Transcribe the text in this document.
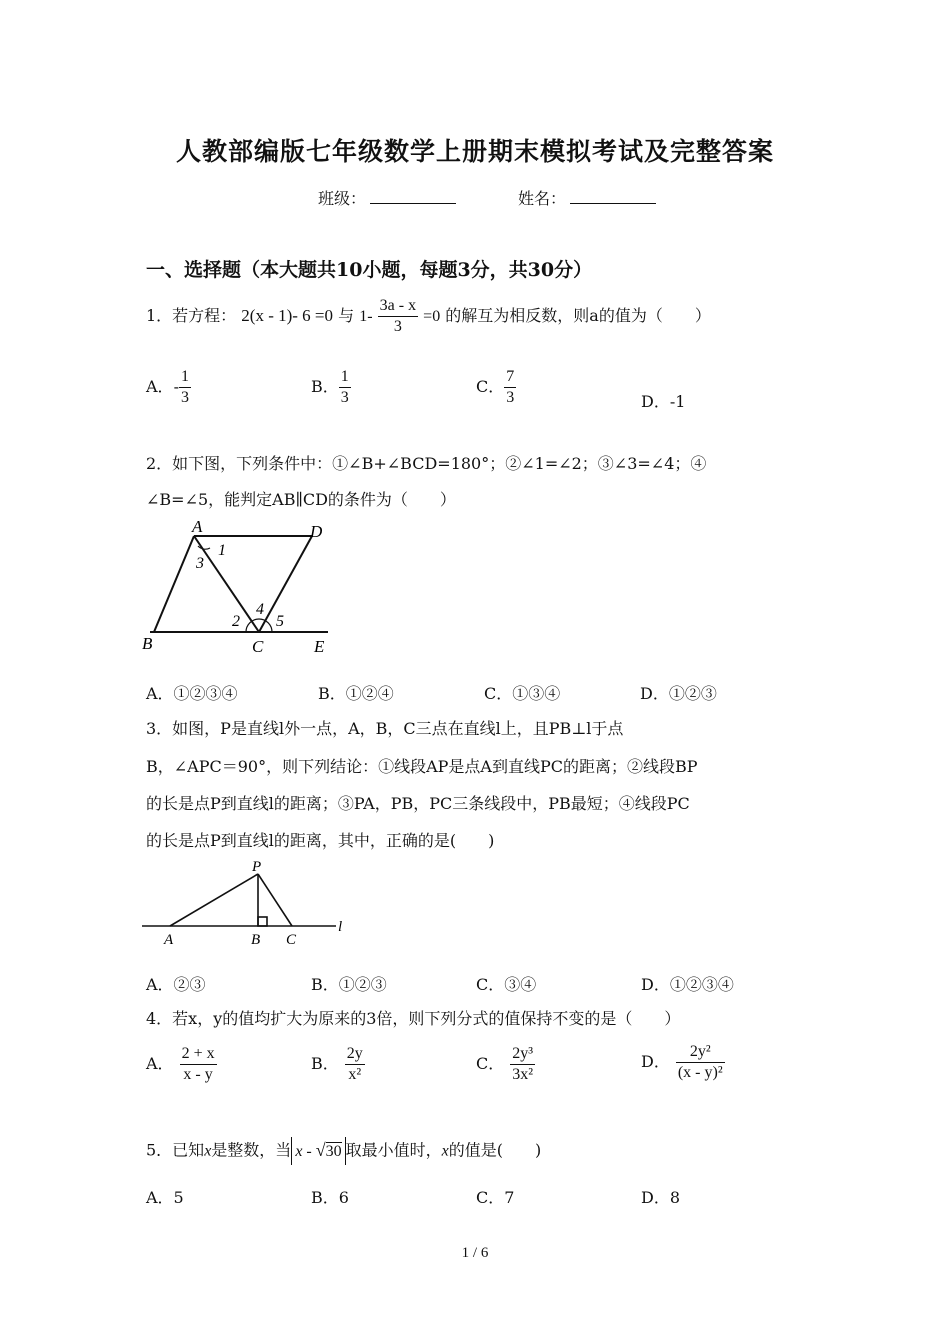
人教部编版七年级数学上册期末模拟考试及完整答案
班级：	姓名：
一、选择题（本大题共10小题，每题3分，共30分）
1．若方程： 2(x - 1)- 6 =0 与 $1- \frac{3a - x}{3} =0$ 的解互为相反数，则a的值为（　　）
A．- $\frac{1}{3}$	B． $\frac{1}{3}$	C． $\frac{7}{3}$	D．-1
2．如下图，下列条件中：①∠B+∠BCD=180°；②∠1=∠2；③∠3=∠4；④
∠B=∠5，能判定AB∥CD的条件为（　　）
A	D
B	C	E
1
3
2
4
5
A．①②③④	B．①②④	C．①③④	D．①②③
3．如图，P是直线l外一点，A，B，C三点在直线l上，且PB⊥l于点
B，∠APC＝90°，则下列结论：①线段AP是点A到直线PC的距离；②线段BP
的长是点P到直线l的距离；③PA，PB，PC三条线段中，PB最短；④线段PC
的长是点P到直线l的距离，其中，正确的是(　　)
P
A	B C
l
A．②③	B．①②③	C．③④	D．①②③④
4．若x，y的值均扩大为原来的3倍，则下列分式的值保持不变的是（　　）
A． $\frac{2 + x}{x - y}$	B． $\frac{2y}{\text{x²}}$	C． $\frac{\text{2y³}}{\text{3x²}}$	D． $\frac{\text{2y²}}{\text{(x - y)²}}$
5．已知x是整数，当 x - √30 取最小值时，x的值是(　　)
A．5	B．6	C．7	D．8
1 / 6
